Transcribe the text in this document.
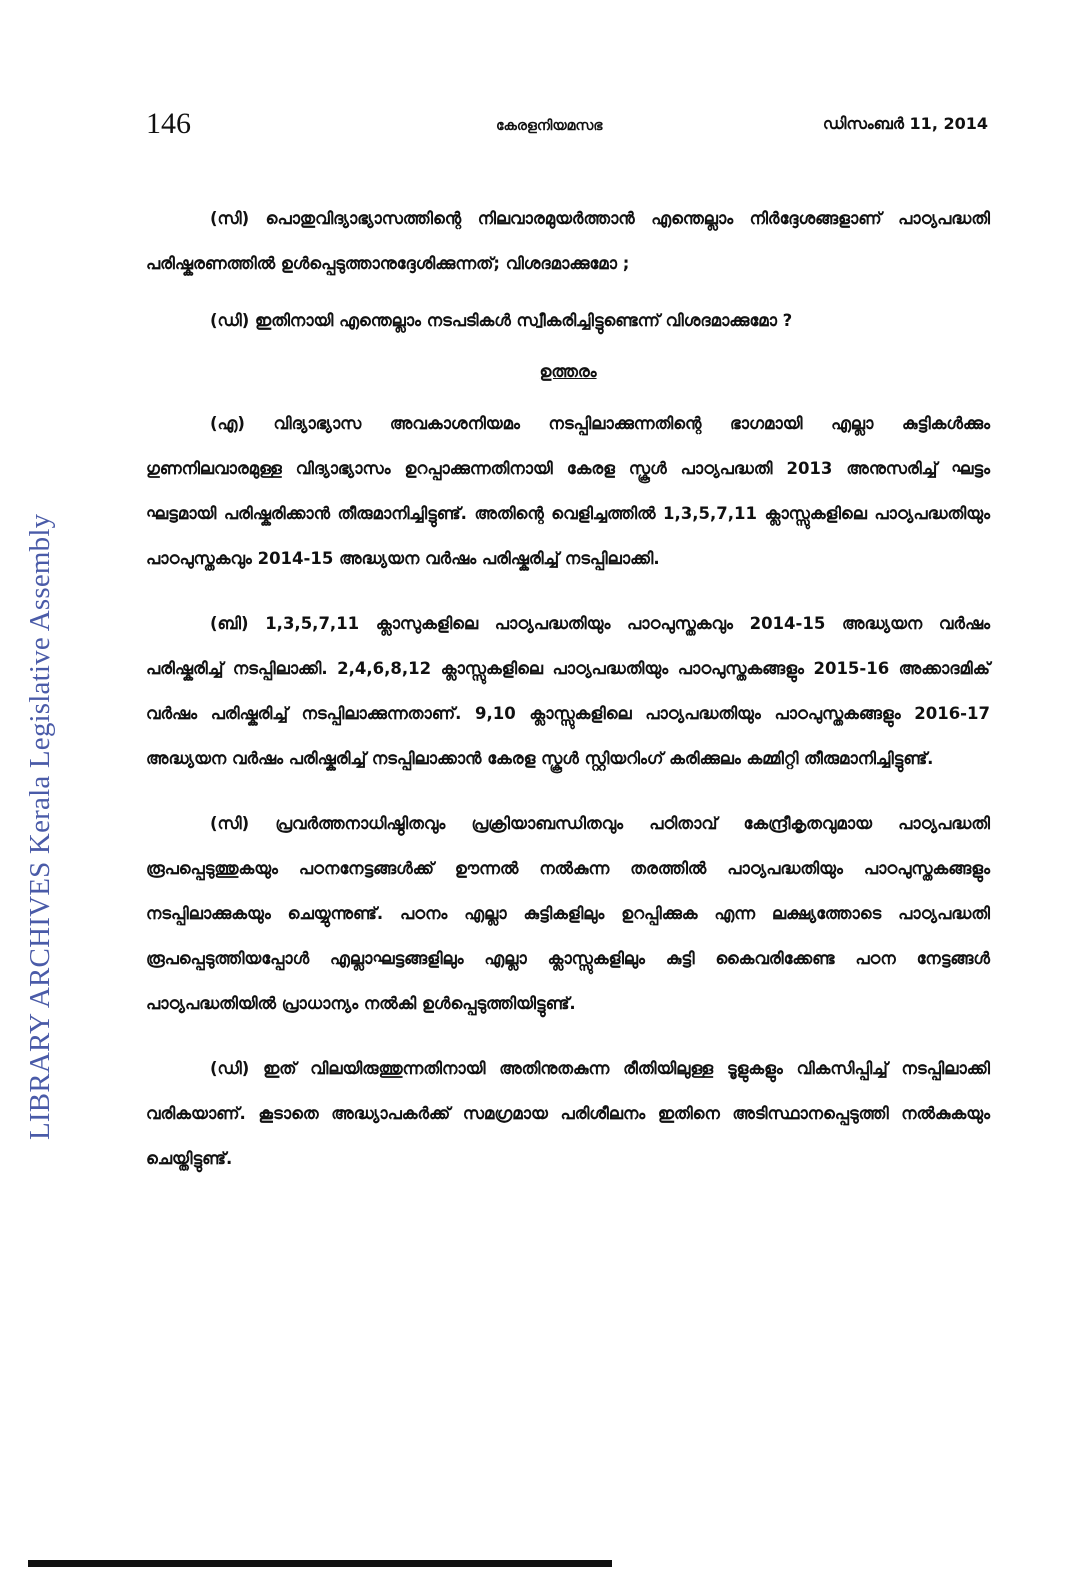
LIBRARY ARCHIVES Kerala Legislative Assembly
146	കേരളനിയമസഭ	ഡിസംബർ 11, 2014

(സി) പൊതുവിദ്യാഭ്യാസത്തിന്റെ നിലവാരമുയർത്താൻ എന്തെല്ലാം നിർദ്ദേശങ്ങളാണ് പാഠ്യപദ്ധതി പരിഷ്കരണത്തിൽ ഉൾപ്പെടുത്താനുദ്ദേശിക്കുന്നത്; വിശദമാക്കുമോ ;

(ഡി) ഇതിനായി എന്തെല്ലാം നടപടികൾ സ്വീകരിച്ചിട്ടുണ്ടെന്ന് വിശദമാക്കുമോ ?

ഉത്തരം

(എ) വിദ്യാഭ്യാസ അവകാശനിയമം നടപ്പിലാക്കുന്നതിന്റെ ഭാഗമായി എല്ലാ കുട്ടികൾക്കും ഗുണനിലവാരമുള്ള വിദ്യാഭ്യാസം ഉറപ്പാക്കുന്നതിനായി കേരള സ്കൂൾ പാഠ്യപദ്ധതി 2013 അനുസരിച്ച് ഘട്ടം ഘട്ടമായി പരിഷ്കരിക്കാൻ തീരുമാനിച്ചിട്ടുണ്ട്. അതിന്റെ വെളിച്ചത്തിൽ 1,3,5,7,11 ക്ലാസ്സുകളിലെ പാഠ്യപദ്ധതിയും പാഠപുസ്തകവും 2014-15 അദ്ധ്യയന വർഷം പരിഷ്കരിച്ച് നടപ്പിലാക്കി.

(ബി) 1,3,5,7,11 ക്ലാസുകളിലെ പാഠ്യപദ്ധതിയും പാഠപുസ്തകവും 2014-15 അദ്ധ്യയന വർഷം പരിഷ്കരിച്ച് നടപ്പിലാക്കി. 2,4,6,8,12 ക്ലാസ്സുകളിലെ പാഠ്യപദ്ധതിയും പാഠപുസ്തകങ്ങളും 2015-16 അക്കാദമിക് വർഷം പരിഷ്കരിച്ച് നടപ്പിലാക്കുന്നതാണ്. 9,10 ക്ലാസ്സുകളിലെ പാഠ്യപദ്ധതിയും പാഠപുസ്തകങ്ങളും 2016-17 അദ്ധ്യയന വർഷം പരിഷ്കരിച്ച് നടപ്പിലാക്കാൻ കേരള സ്കൂൾ സ്റ്റിയറിംഗ് കരിക്കുലം കമ്മിറ്റി തീരുമാനിച്ചിട്ടുണ്ട്.

(സി) പ്രവർത്തനാധിഷ്ഠിതവും പ്രക്രിയാബന്ധിതവും പഠിതാവ് കേന്ദ്രീകൃതവുമായ പാഠ്യപദ്ധതി രൂപപ്പെടുത്തുകയും പഠനനേട്ടങ്ങൾക്ക് ഊന്നൽ നൽകുന്ന തരത്തിൽ പാഠ്യപദ്ധതിയും പാഠപുസ്തകങ്ങളും നടപ്പിലാക്കുകയും ചെയ്യുന്നുണ്ട്. പഠനം എല്ലാ കുട്ടികളിലും ഉറപ്പിക്കുക എന്ന ലക്ഷ്യത്തോടെ പാഠ്യപദ്ധതി രൂപപ്പെടുത്തിയപ്പോൾ എല്ലാഘട്ടങ്ങളിലും എല്ലാ ക്ലാസ്സുകളിലും കുട്ടി കൈവരിക്കേണ്ട പഠന നേട്ടങ്ങൾ പാഠ്യപദ്ധതിയിൽ പ്രാധാന്യം നൽകി ഉൾപ്പെടുത്തിയിട്ടുണ്ട്.

(ഡി) ഇത് വിലയിരുത്തുന്നതിനായി അതിനുതകുന്ന രീതിയിലുള്ള ടൂളുകളും വികസിപ്പിച്ച് നടപ്പിലാക്കി വരികയാണ്. കൂടാതെ അദ്ധ്യാപകർക്ക് സമഗ്രമായ പരിശീലനം ഇതിനെ അടിസ്ഥാനപ്പെടുത്തി നൽകുകയും ചെയ്തിട്ടുണ്ട്.
